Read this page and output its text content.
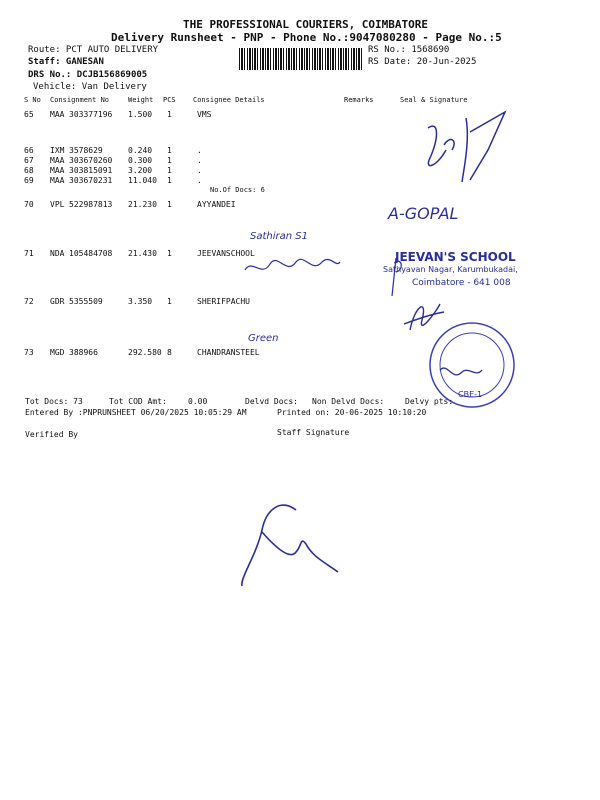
THE PROFESSIONAL COURIERS, COIMBATORE
Delivery Runsheet - PNP - Phone No.:9047080280 - Page No.:5
Route: PCT AUTO DELIVERY
Staff: GANESAN
DRS No.: DCJB156869005
Vehicle: Van Delivery
RS No.: 1568690
RS Date: 20-Jun-2025
S No Consignment No	Weight PCS Consignee Details	Remarks	Seal & Signature
65 MAA 303377196 1.500 1	VMS
66 IXM 3578629	0.240 1	.
67 MAA 303670260 0.300 1	.
68 MAA 303815091 3.200 1	.
69 MAA 303670231 11.040 1	.
No.Of Docs: 6
70 VPL 522987813 21.230 1	AYYANDEI
71 NDA 105484708 21.430 1	JEEVANSCHOOL
72 GDR 5355509	3.350 1	SHERIFPACHU
73 MGD 388966	292.580 8	CHANDRANSTEEL
A-GOPAL
Sathiran S1
Green
JEEVAN'S SCHOOL
Sathyavan Nagar, Karumbukadai,
Coimbatore - 641 008
CBE-1
Tot Docs: 73	Tot COD Amt:	0.00	Delvd Docs: Non Delvd Docs:	Delvy pts:
Entered By :PNPRUNSHEET 06/20/2025 10:05:29 AM	Printed on: 20-06-2025 10:10:20
Verified By	Staff Signature
